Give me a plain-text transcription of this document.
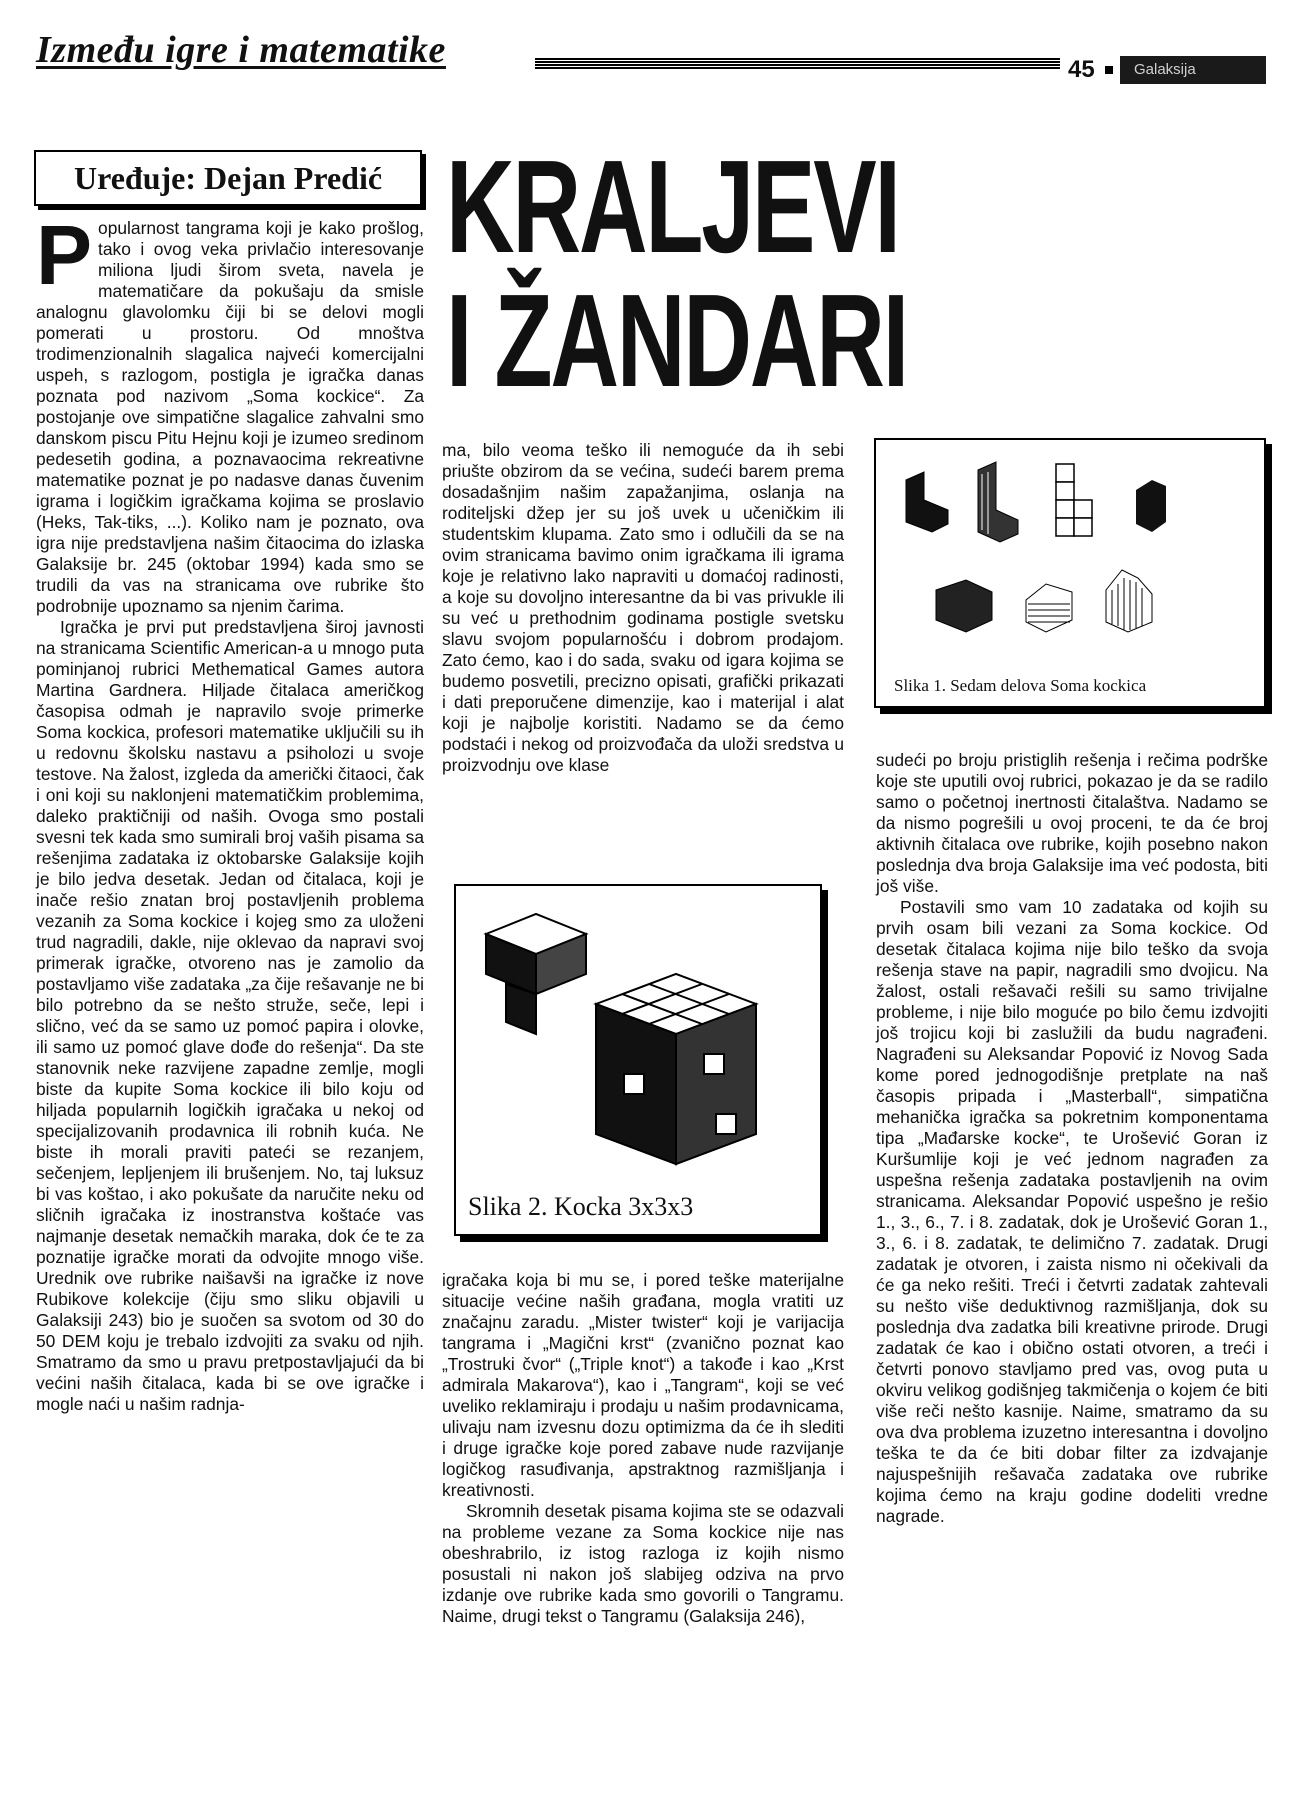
Između igre i matematike	45	Galaksija
Uređuje: Dejan Predić KRALJEVI
I ŽANDARI

Popularnost tangrama koji je kako prošlog, tako i ovog veka privlačio interesovanje miliona ljudi širom sveta, navela je matematičare da pokušaju da smisle analognu glavolomku čiji bi se delovi mogli pomerati u prostoru. Od mnoštva trodimenzionalnih slagalica najveći komercijalni uspeh, s razlogom, postigla je igračka danas poznata pod nazivom „Soma kockice“. Za postojanje ove simpatične slagalice zahvalni smo danskom piscu Pitu Hejnu koji je izumeo sredinom pedesetih godina, a poznavaocima rekreativne matematike poznat je po nadasve danas čuvenim igrama i logičkim igračkama kojima se proslavio (Heks, Tak-tiks, ...). Koliko nam je poznato, ova igra nije predstavljena našim čitaocima do izlaska Galaksije br. 245 (oktobar 1994) kada smo se trudili da vas na stranicama ove rubrike što podrobnije upoznamo sa njenim čarima.

Igračka je prvi put predstavljena široj javnosti na stranicama Scientific American-a u mnogo puta pominjanoj rubrici Methematical Games autora Martina Gardnera. Hiljade čitalaca američkog časopisa odmah je napravilo svoje primerke Soma kockica, profesori matematike uključili su ih u redovnu školsku nastavu a psiholozi u svoje testove. Na žalost, izgleda da američki čitaoci, čak i oni koji su naklonjeni matematičkim problemima, daleko praktičniji od naših. Ovoga smo postali svesni tek kada smo sumirali broj vaših pisama sa rešenjima zadataka iz oktobarske Galaksije kojih je bilo jedva desetak. Jedan od čitalaca, koji je inače rešio znatan broj postavljenih problema vezanih za Soma kockice i kojeg smo za uloženi trud nagradili, dakle, nije oklevao da napravi svoj primerak igračke, otvoreno nas je zamolio da postavljamo više zadataka „za čije rešavanje ne bi bilo potrebno da se nešto struže, seče, lepi i slično, već da se samo uz pomoć papira i olovke, ili samo uz pomoć glave dođe do rešenja“. Da ste stanovnik neke razvijene zapadne zemlje, mogli biste da kupite Soma kockice ili bilo koju od hiljada popularnih logičkih igračaka u nekoj od specijalizovanih prodavnica ili robnih kuća. Ne biste ih morali praviti pateći se rezanjem, sečenjem, lepljenjem ili brušenjem. No, taj luksuz bi vas koštao, i ako pokušate da naručite neku od sličnih igračaka iz inostranstva koštaće vas najmanje desetak nemačkih maraka, dok će te za poznatije igračke morati da odvojite mnogo više. Urednik ove rubrike naišavši na igračke iz nove Rubikove kolekcije (čiju smo sliku objavili u Galaksiji 243) bio je suočen sa svotom od 30 do 50 DEM koju je trebalo izdvojiti za svaku od njih. Smatramo da smo u pravu pretpostavljajući da bi većini naših čitalaca, kada bi se ove igračke i mogle naći u našim radnja-

Slika 1. Sedam delova Soma kockica

ma, bilo veoma teško ili nemoguće da ih sebi priušte obzirom da se većina, sudeći barem prema dosadašnjim našim zapažanjima, oslanja na roditeljski džep jer su još uvek u učeničkim ili studentskim klupama. Zato smo i odlučili da se na ovim stranicama bavimo onim igračkama ili igrama koje je relativno lako napraviti u domaćoj radinosti, a koje su dovoljno interesantne da bi vas privukle ili su već u prethodnim godinama postigle svetsku slavu svojom popularnošću i dobrom prodajom. Zato ćemo, kao i do sada, svaku od igara kojima se budemo posvetili, precizno opisati, grafički prikazati i dati preporučene dimenzije, kao i materijal i alat koji je najbolje koristiti. Nadamo se da ćemo podstaći i nekog od proizvođača da uloži sredstva u proizvodnju ove klase

Slika 2. Kocka 3x3x3

igračaka koja bi mu se, i pored teške materijalne situacije većine naših građana, mogla vratiti uz značajnu zaradu. „Mister twister“ koji je varijacija tangrama i „Magični krst“ (zvanično poznat kao „Trostruki čvor“ („Triple knot“) a takođe i kao „Krst admirala Makarova“), kao i „Tangram“, koji se već uveliko reklamiraju i prodaju u našim prodavnicama, ulivaju nam izvesnu dozu optimizma da će ih slediti i druge igračke koje pored zabave nude razvijanje logičkog rasuđivanja, apstraktnog razmišljanja i kreativnosti.

Skromnih desetak pisama kojima ste se odazvali na probleme vezane za Soma kockice nije nas obeshrabrilo, iz istog razloga iz kojih nismo posustali ni nakon još slabijeg odziva na prvo izdanje ove rubrike kada smo govorili o Tangramu. Naime, drugi tekst o Tangramu (Galaksija 246),

sudeći po broju pristiglih rešenja i rečima podrške koje ste uputili ovoj rubrici, pokazao je da se radilo samo o početnoj inertnosti čitalaštva. Nadamo se da nismo pogrešili u ovoj proceni, te da će broj aktivnih čitalaca ove rubrike, kojih posebno nakon poslednja dva broja Galaksije ima već podosta, biti još više.

Postavili smo vam 10 zadataka od kojih su prvih osam bili vezani za Soma kockice. Od desetak čitalaca kojima nije bilo teško da svoja rešenja stave na papir, nagradili smo dvojicu. Na žalost, ostali rešavači rešili su samo trivijalne probleme, i nije bilo moguće po bilo čemu izdvojiti još trojicu koji bi zaslužili da budu nagrađeni. Nagrađeni su Aleksandar Popović iz Novog Sada kome pored jednogodišnje pretplate na naš časopis pripada i „Masterball“, simpatična mehanička igračka sa pokretnim komponentama tipa „Mađarske kocke“, te Urošević Goran iz Kuršumlije koji je već jednom nagrađen za uspešna rešenja zadataka postavljenih na ovim stranicama. Aleksandar Popović uspešno je rešio 1., 3., 6., 7. i 8. zadatak, dok je Urošević Goran 1., 3., 6. i 8. zadatak, te delimično 7. zadatak. Drugi zadatak je otvoren, i zaista nismo ni očekivali da će ga neko rešiti. Treći i četvrti zadatak zahtevali su nešto više deduktivnog razmišljanja, dok su poslednja dva zadatka bili kreativne prirode. Drugi zadatak će kao i obično ostati otvoren, a treći i četvrti ponovo stavljamo pred vas, ovog puta u okviru velikog godišnjeg takmičenja o kojem će biti više reči nešto kasnije. Naime, smatramo da su ova dva problema izuzetno interesantna i dovoljno teška te da će biti dobar filter za izdvajanje najuspešnijih rešavača zadataka ove rubrike kojima ćemo na kraju godine dodeliti vredne nagrade.
